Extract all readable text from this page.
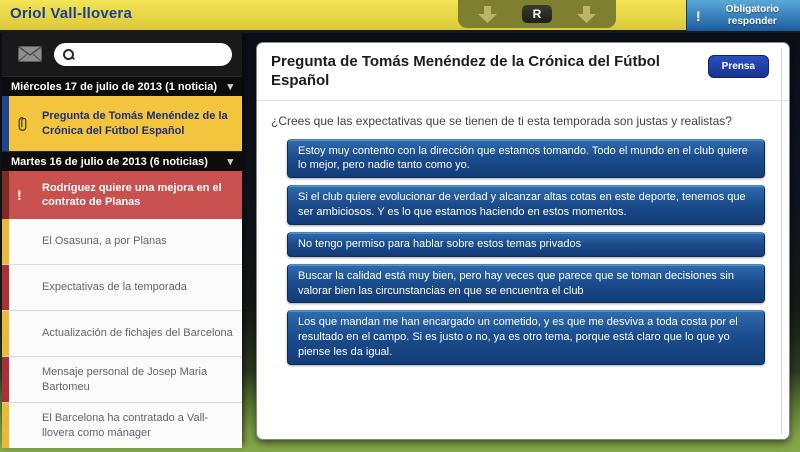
Oriol Vall-llovera	R	!	Obligatorio responder
Miércoles 17 de julio de 2013 (1 noticia) ▾
Pregunta de Tomás Menéndez de la Crónica del Fútbol Español
Martes 16 de julio de 2013 (6 noticias) ▾
! Rodríguez quiere una mejora en el contrato de Planas
El Osasuna, a por Planas
Expectativas de la temporada
Actualización de fichajes del Barcelona
Mensaje personal de Josep Maria Bartomeu
El Barcelona ha contratado a Vall-llovera como mánager
Pregunta de Tomás Menéndez de la Crónica del Fútbol Español
Prensa
¿Crees que las expectativas que se tienen de ti esta temporada son justas y realistas?
Estoy muy contento con la dirección que estamos tomando. Todo el mundo en el club quiere lo mejor, pero nadie tanto como yo.
Si el club quiere evolucionar de verdad y alcanzar altas cotas en este deporte, tenemos que ser ambiciosos. Y es lo que estamos haciendo en estos momentos.
No tengo permiso para hablar sobre estos temas privados
Buscar la calidad está muy bien, pero hay veces que parece que se toman decisiones sin valorar bien las circunstancias en que se encuentra el club
Los que mandan me han encargado un cometido, y es que me desviva a toda costa por el resultado en el campo. Si es justo o no, ya es otro tema, porque está claro que lo que yo piense les da igual.
